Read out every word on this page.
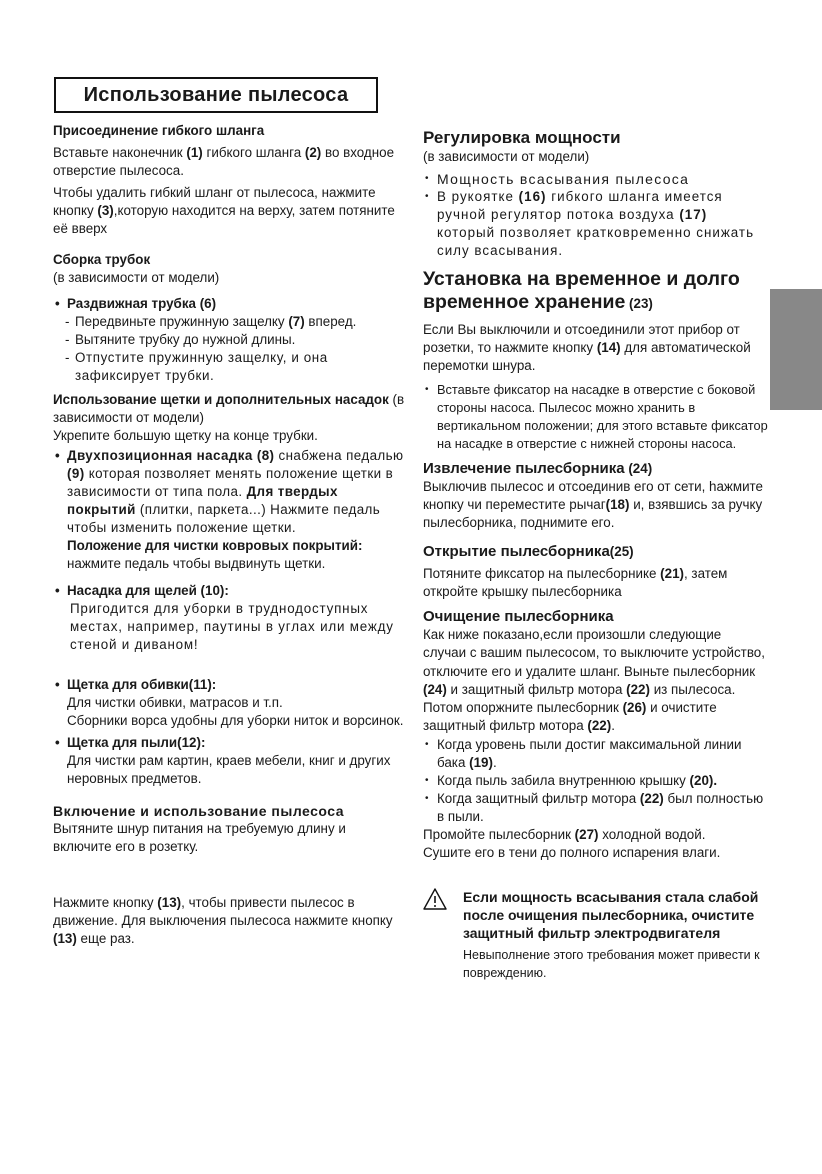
Использование пылесоса

Присоединение гибкого шланга

Вставьте наконечник (1) гибкого шланга (2) во входное отверстие пылесоса.

Чтобы удалить гибкий шланг от пылесоса, нажмите кнопку (3),которую находится на верху, затем потяните её вверх

Сборка трубок

(в зависимости от модели)

• Раздвижная трубка (6)

- Передвиньте пружинную защелку (7) вперед.

- Вытяните трубку до нужной длины.

- Отпустите пружинную защелку, и она зафиксирует трубки.

Использование щетки и дополнительных насадок (в зависимости от модели)

Укрепите большую щетку на конце трубки.

• Двухпозиционная насадка (8) снабжена педалью (9) которая позволяет менять положение щетки в зависимости от типа пола. Для твердых покрытий (плитки, паркета...) Нажмите педаль чтобы изменить положение щетки.

Положение для чистки ковровых покрытий:

нажмите педаль чтобы выдвинуть щетки.

• Насадка для щелей (10):

Пригодится для уборки в труднодоступных местах, например, паутины в углах или между стеной и диваном!

• Щетка для обивки(11):

Для чистки обивки, матрасов и т.п.

Сборники ворса удобны для уборки ниток и ворсинок.

• Щетка для пыли(12):

Для чистки рам картин, краев мебели, книг и других неровных предметов.

Включение и использование пылесоса

Вытяните шнур питания на требуемую длину и включите его в розетку.

Нажмите кнопку (13), чтобы привести пылесос в движение. Для выключения пылесоса нажмите кнопку (13) еще раз.

Регулировка мощности

(в зависимости от модели)

• Мощность всасывания пылесоса

• В рукоятке (16) гибкого шланга имеется ручной регулятор потока воздуха (17) который позволяет кратковременно снижать силу всасывания.

Установка на временное и долго временное хранение (23)

Если Вы выключили и отсоединили этот прибор от розетки, то нажмите кнопку (14) для автоматической перемотки шнура.

• Вставьте фиксатор на насадке в отверстие с боковой стороны насоса. Пылесос можно хранить в вертикальном положении; для этого вставьте фиксатор на насадке в отверстие с нижней стороны насоса.

Извлечение пылесборника (24)

Выключив пылесос и отсоединив его от сети, hажмите кнопку чи переместите рычаг(18) и, взявшись за ручку пылесборника, поднимите его.

Открытие пылесборника(25)

Потяните фиксатор на пылесборнике (21), затем откройте крышку пылесборника

Очищение пылесборника

Как ниже показано,если произошли следующие случаи с вашим пылесосом, то выключите устройство, отключите его и удалите шланг. Выньте пылесборник (24) и защитный фильтр мотора (22) из пылесоса. Потом опоржните пылесборник (26) и очистите защитный фильтр мотора (22).

• Когда уровень пыли достиг максимальной линии бака (19).

• Когда пыль забила внутреннюю крышку (20).

• Когда защитный фильтр мотора (22) был полностью в пыли.

Промойте пылесборник (27) холодной водой.

Сушите его в тени до полного испарения влаги.

Если мощность всасывания стала слабой после очищения пылесборника, очистите защитный фильтр электродвигателя

Невыполнение этого требования может привести к повреждению.
